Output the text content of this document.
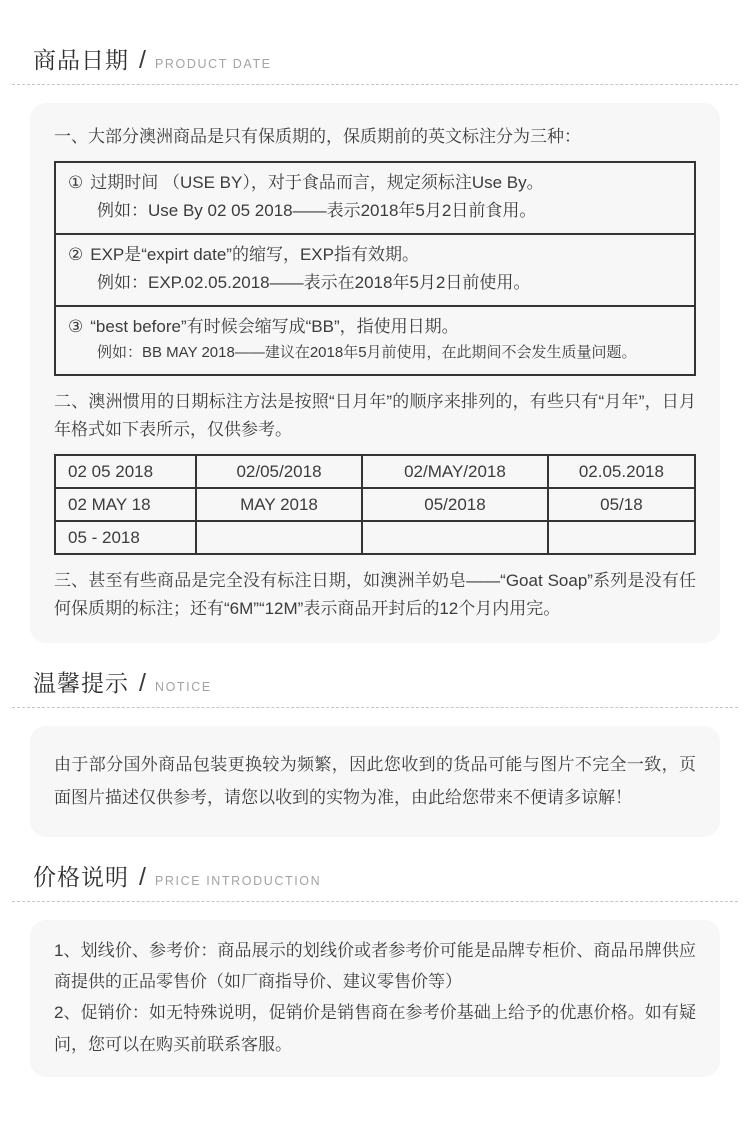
商品日期 / PRODUCT DATE

一、大部分澳洲商品是只有保质期的，保质期前的英文标注分为三种：

① 过期时间 （USE BY），对于食品而言，规定须标注Use By。
例如：Use By 02 05 2018——表示2018年5月2日前食用。
② EXP是“expirt date”的缩写，EXP指有效期。
例如：EXP.02.05.2018——表示在2018年5月2日前使用。
③ “best before”有时候会缩写成“BB”，指使用日期。
例如：BB MAY 2018——建议在2018年5月前使用，在此期间不会发生质量问题。

二、澳洲惯用的日期标注方法是按照“日月年”的顺序来排列的，有些只有“月年”，日月年格式如下表所示，仅供参考。

02 05 2018	02/05/2018	02/MAY/2018	02.05.2018
02 MAY 18	MAY 2018	05/2018	05/18
05 - 2018			

三、甚至有些商品是完全没有标注日期，如澳洲羊奶皂——“Goat Soap”系列是没有任何保质期的标注；还有“6M”“12M”表示商品开封后的12个月内用完。

温馨提示 / NOTICE

由于部分国外商品包装更换较为频繁，因此您收到的货品可能与图片不完全一致，页面图片描述仅供参考，请您以收到的实物为准，由此给您带来不便请多谅解！

价格说明 / PRICE INTRODUCTION

1、划线价、参考价：商品展示的划线价或者参考价可能是品牌专柜价、商品吊牌供应商提供的正品零售价（如厂商指导价、建议零售价等）

2、促销价：如无特殊说明，促销价是销售商在参考价基础上给予的优惠价格。如有疑问，您可以在购买前联系客服。
